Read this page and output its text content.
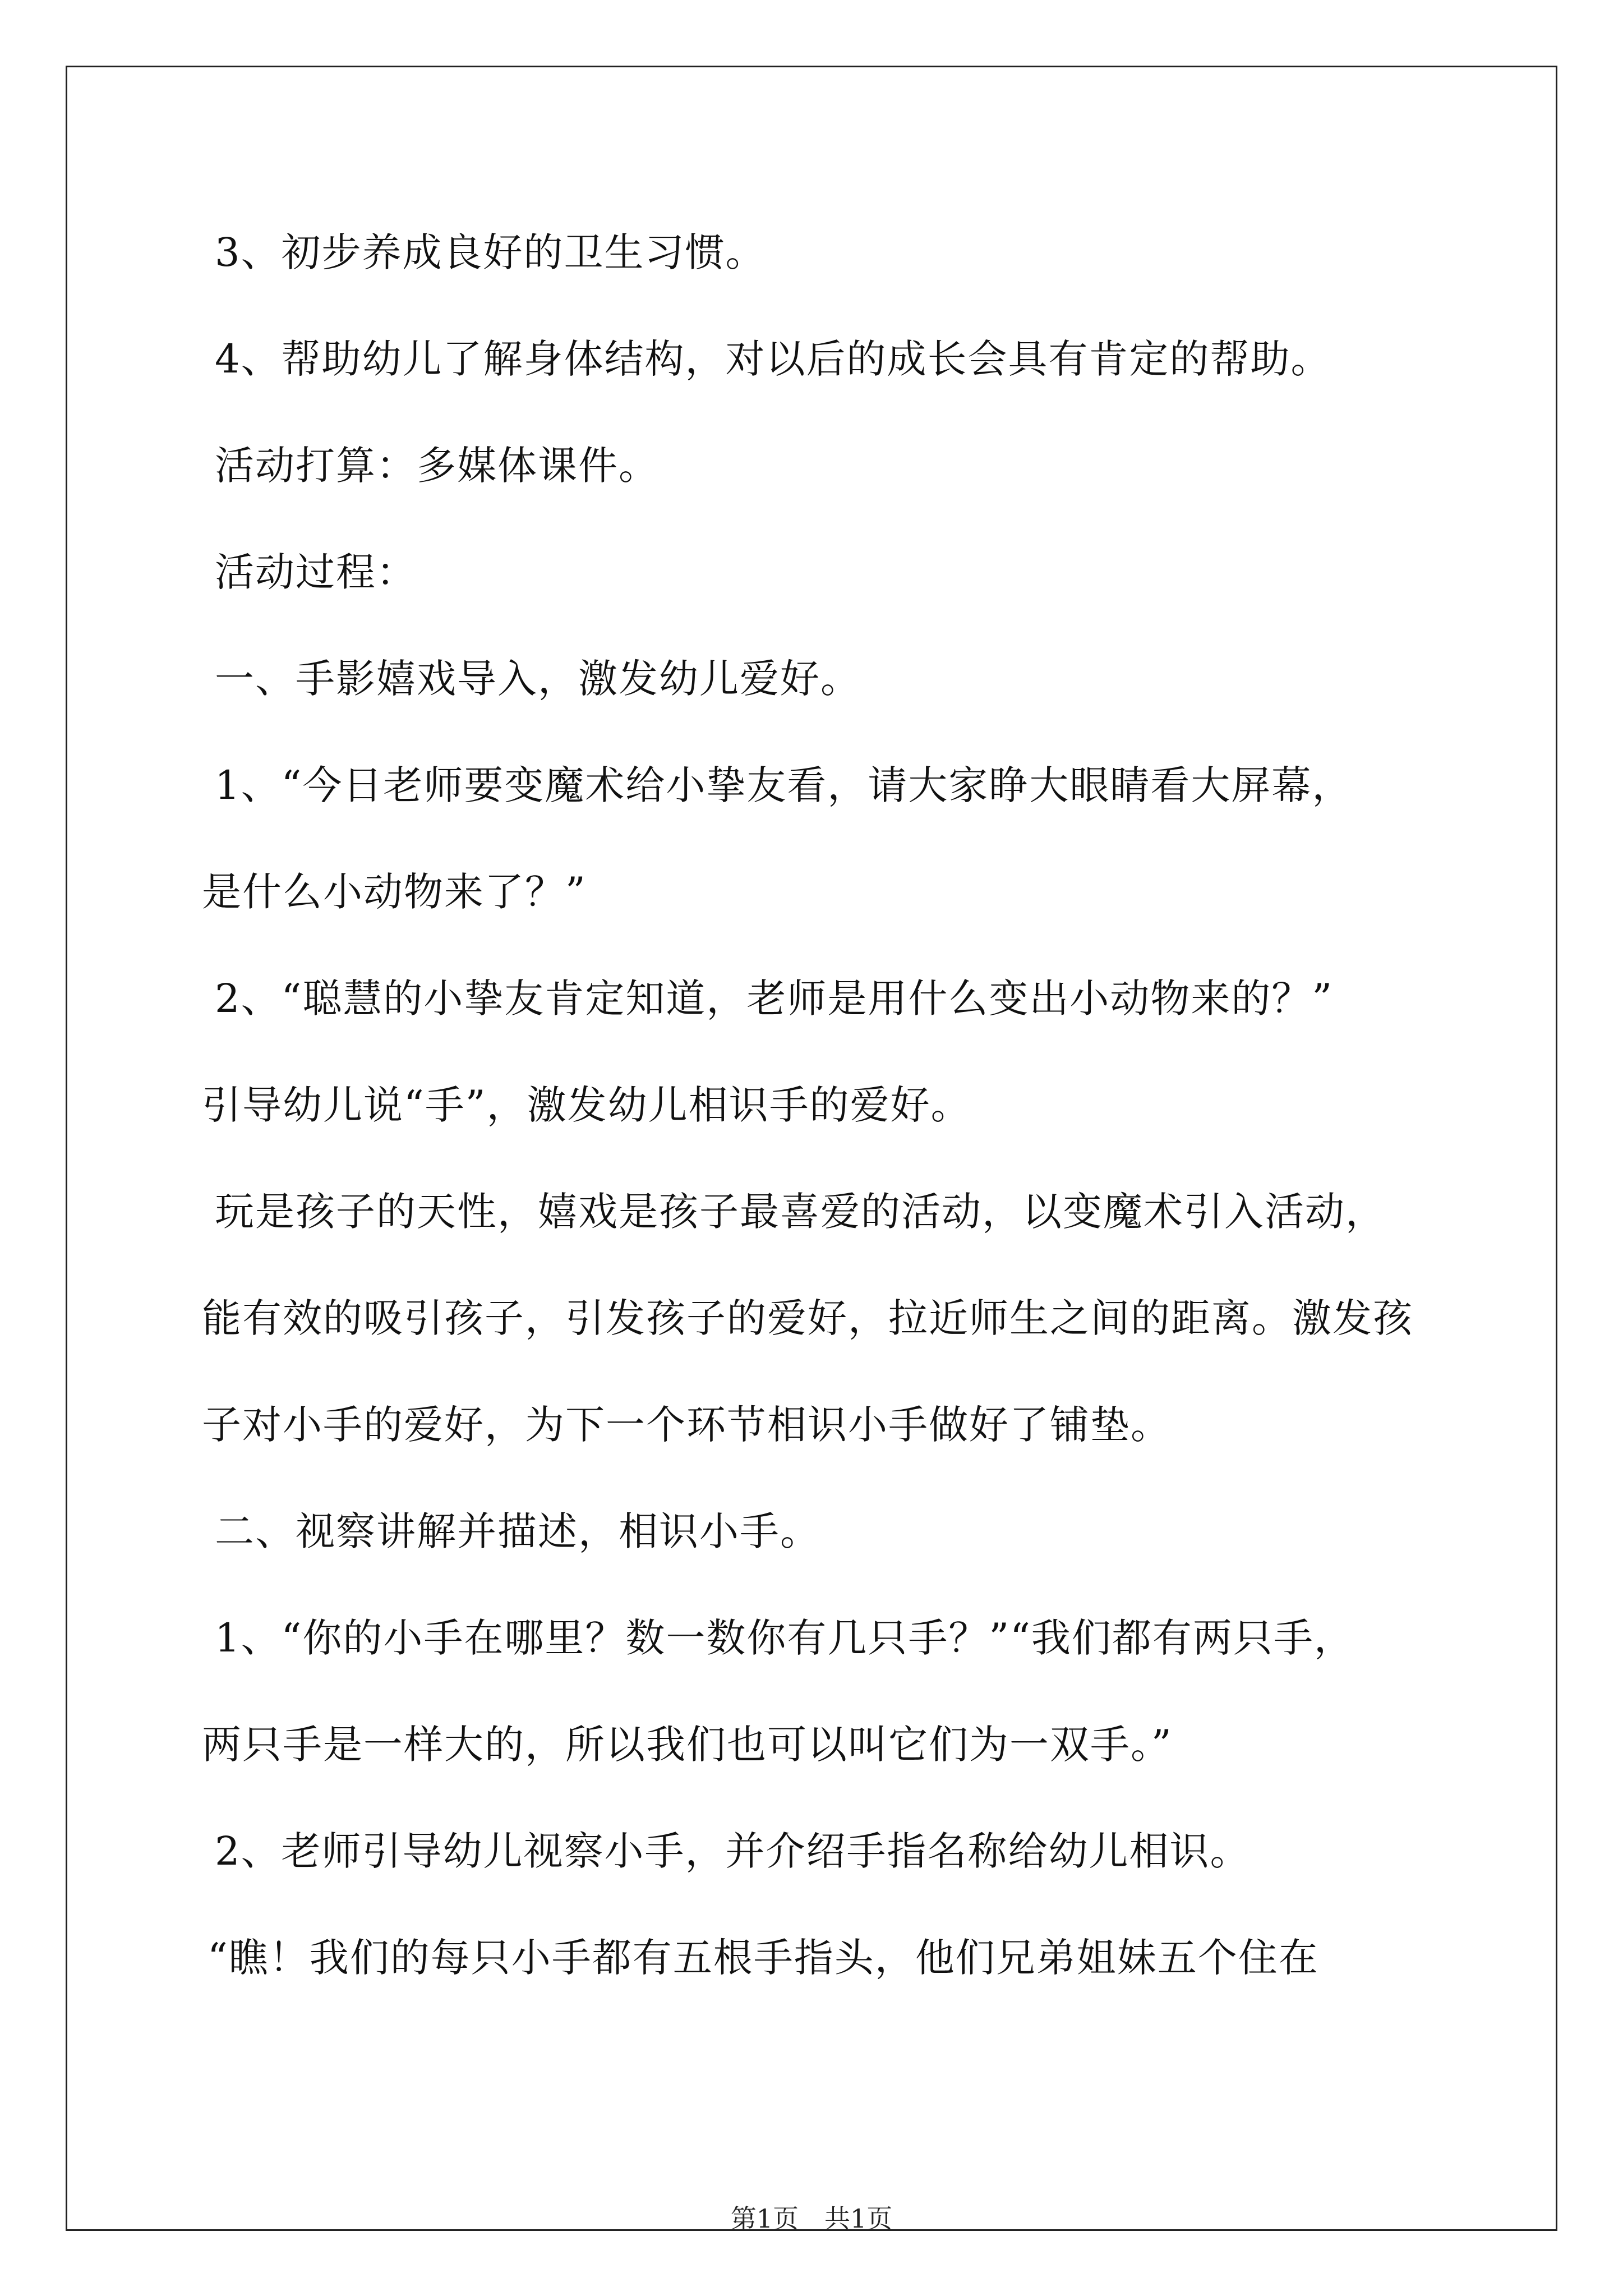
3、初步养成良好的卫生习惯。
4、帮助幼儿了解身体结构，对以后的成长会具有肯定的帮助。
活动打算：多媒体课件。
活动过程：
一、手影嬉戏导入，激发幼儿爱好。
1、“今日老师要变魔术给小挚友看，请大家睁大眼睛看大屏幕，
是什么小动物来了？”
2、“聪慧的小挚友肯定知道，老师是用什么变出小动物来的？”
引导幼儿说“手”，激发幼儿相识手的爱好。
玩是孩子的天性，嬉戏是孩子最喜爱的活动，以变魔术引入活动，
能有效的吸引孩子，引发孩子的爱好，拉近师生之间的距离。激发孩
子对小手的爱好，为下一个环节相识小手做好了铺垫。
二、视察讲解并描述，相识小手。
1、“你的小手在哪里？数一数你有几只手？”“我们都有两只手，
两只手是一样大的，所以我们也可以叫它们为一双手。”
2、老师引导幼儿视察小手，并介绍手指名称给幼儿相识。
“瞧！我们的每只小手都有五根手指头，他们兄弟姐妹五个住在
第1页　共1页
